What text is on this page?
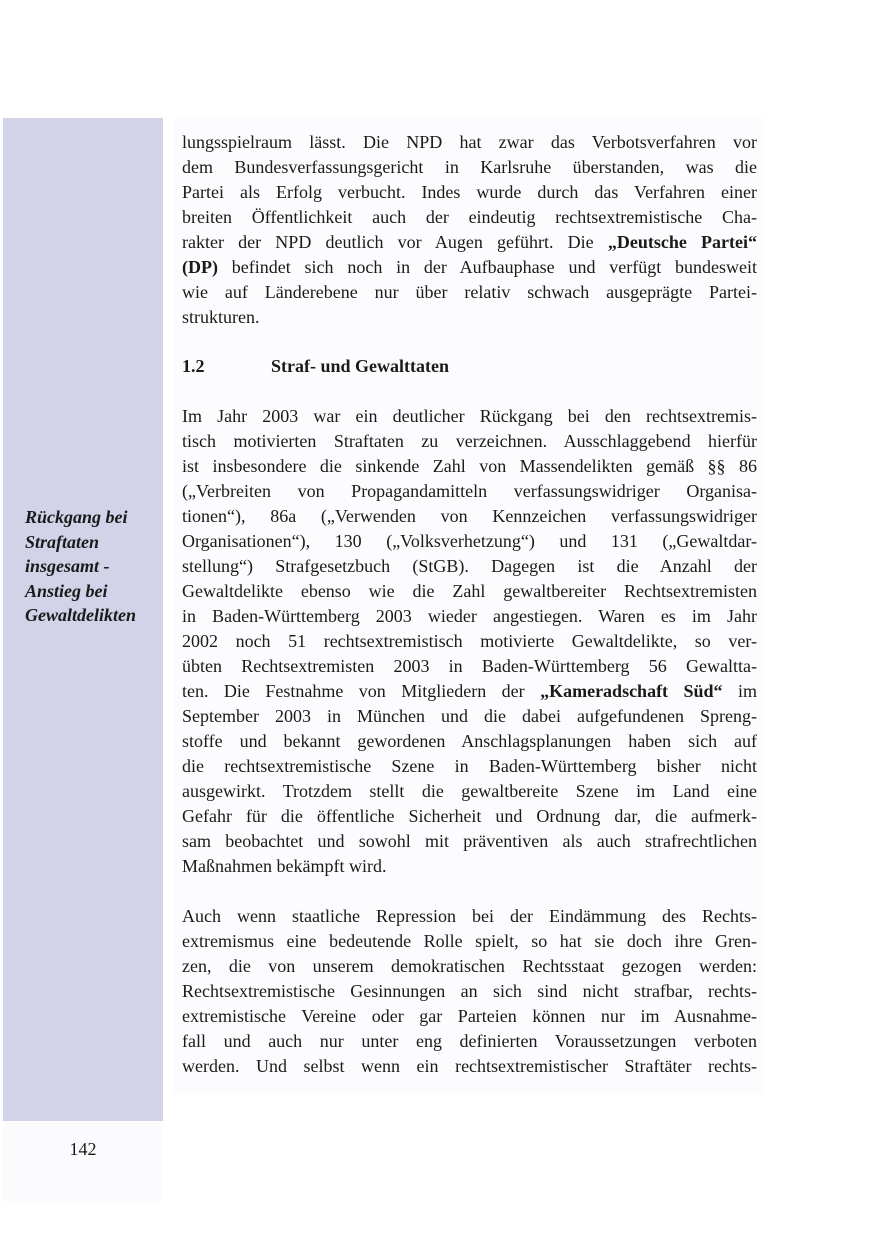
Rückgang bei
Straftaten
insgesamt -
Anstieg bei
Gewaltdelikten
142
lungsspielraum lässt. Die NPD hat zwar das Verbotsverfahren vor
dem Bundesverfassungsgericht in Karlsruhe überstanden, was die
Partei als Erfolg verbucht. Indes wurde durch das Verfahren einer
breiten Öffentlichkeit auch der eindeutig rechtsextremistische Cha-
rakter der NPD deutlich vor Augen geführt. Die „Deutsche Partei“
(DP) befindet sich noch in der Aufbauphase und verfügt bundesweit
wie auf Länderebene nur über relativ schwach ausgeprägte Partei-
strukturen.
1.2	Straf- und Gewalttaten
Im Jahr 2003 war ein deutlicher Rückgang bei den rechtsextremis-
tisch motivierten Straftaten zu verzeichnen. Ausschlaggebend hierfür
ist insbesondere die sinkende Zahl von Massendelikten gemäß §§ 86
(„Verbreiten von Propagandamitteln verfassungswidriger Organisa-
tionen“), 86a („Verwenden von Kennzeichen verfassungswidriger
Organisationen“), 130 („Volksverhetzung“) und 131 („Gewaltdar-
stellung“) Strafgesetzbuch (StGB). Dagegen ist die Anzahl der
Gewaltdelikte ebenso wie die Zahl gewaltbereiter Rechtsextremisten
in Baden-Württemberg 2003 wieder angestiegen. Waren es im Jahr
2002 noch 51 rechtsextremistisch motivierte Gewaltdelikte, so ver-
übten Rechtsextremisten 2003 in Baden-Württemberg 56 Gewaltta-
ten. Die Festnahme von Mitgliedern der „Kameradschaft Süd“ im
September 2003 in München und die dabei aufgefundenen Spreng-
stoffe und bekannt gewordenen Anschlagsplanungen haben sich auf
die rechtsextremistische Szene in Baden-Württemberg bisher nicht
ausgewirkt. Trotzdem stellt die gewaltbereite Szene im Land eine
Gefahr für die öffentliche Sicherheit und Ordnung dar, die aufmerk-
sam beobachtet und sowohl mit präventiven als auch strafrechtlichen
Maßnahmen bekämpft wird.
Auch wenn staatliche Repression bei der Eindämmung des Rechts-
extremismus eine bedeutende Rolle spielt, so hat sie doch ihre Gren-
zen, die von unserem demokratischen Rechtsstaat gezogen werden:
Rechtsextremistische Gesinnungen an sich sind nicht strafbar, rechts-
extremistische Vereine oder gar Parteien können nur im Ausnahme-
fall und auch nur unter eng definierten Voraussetzungen verboten
werden. Und selbst wenn ein rechtsextremistischer Straftäter rechts-
